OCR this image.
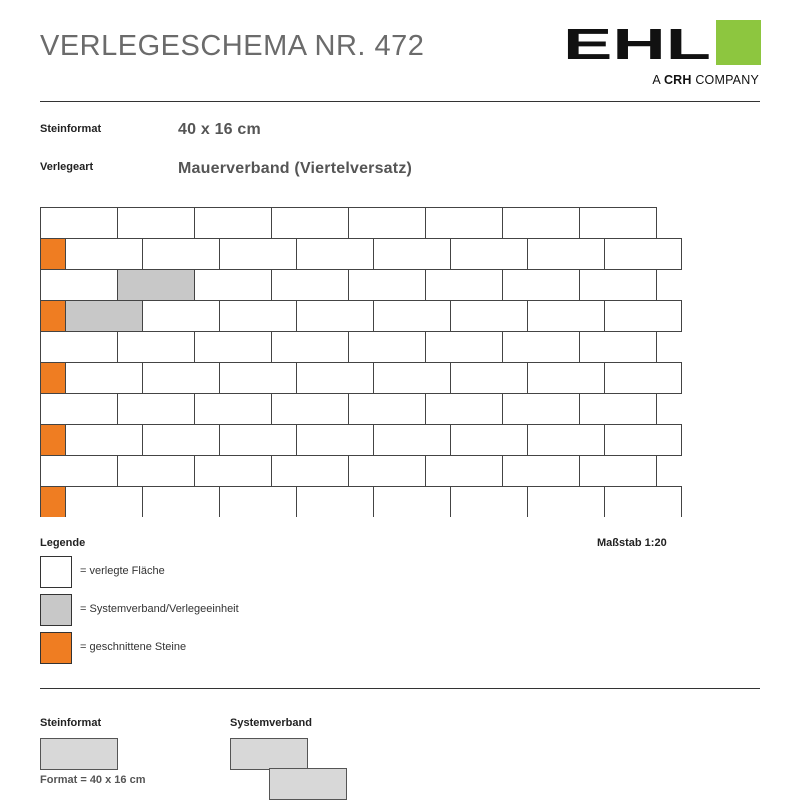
VERLEGESCHEMA NR. 472	EHL
A CRH COMPANY
Steinformat	40 x 16 cm
Verlegeart	Mauerverband (Viertelversatz)
Legende	Maßstab 1:20
= verlegte Fläche
= Systemverband/Verlegeeinheit
= geschnittene Steine
Steinformat
Format = 40 x 16 cm
Systemverband
